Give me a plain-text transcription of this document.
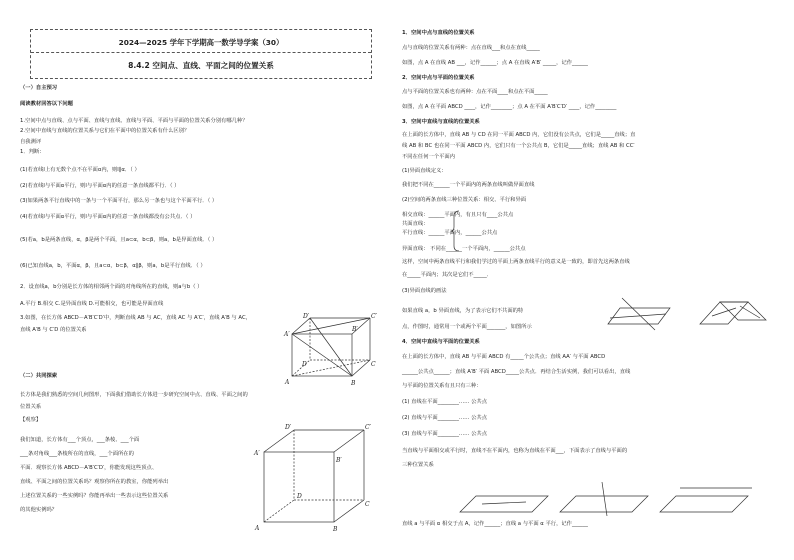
2024—2025 学年下学期高一数学导学案（30）
8.4.2 空间点、直线、平面之间的位置关系
（一）自主预习
阅读教材回答以下问题
1.空间中点与直线、点与平面、直线与直线、直线与平面、平面与平面的位置关系分别有哪几种？
2.空间中直线与直线的位置关系与它们在平面中的位置关系有什么区别？
自我测评
1．判断：
(1)若直线l上有无数个点不在平面α内，则l∥α．（ ）
(2)若直线l与平面α平行，则l与平面α内的任意一条直线都平行．（ ）
(3)如果两条平行直线中的一条与一个平面平行，那么另一条也与这个平面平行．（ ）
(4)若直线l与平面α平行，则l与平面α内的任意一条直线都没有公共点．（ ）
(5)若a，b是两条直线，α，β是两个平面，且a⊂α，b⊂β，则a，b是异面直线．（ ）
(6)已知直线a，b，平面α，β，且a⊂α，b⊂β，α∥β，则a，b是平行直线．（ ）
2．设直线a，b分别是长方体的相邻两个面的对角线所在的直线，则a与b（ ）
A.平行 B.相交 C.是异面直线 D.可能相交，也可能是异面直线
3.如图，在长方体 ABCD－A′B′C′D′中，判断直线 AB 与 AC，直线 AC 与 A′C′，直线 A′B 与 AC，
直线 A′B 与 C′D 的位置关系
（二）共同探索
长方体是我们熟悉的空间几何图形，下面我们借助长方体进一步研究空间中点、直线、平面之间的
位置关系
【观察】
我们知道，长方体有___个顶点，___条棱、___个面
___条对角线___条棱所在的直线，___个面所在的
平面．观察长方体 ABCD－A′B′C′D′，你能发现这些顶点、
直线、平面之间的位置关系吗？观察你所在的教室，你能列举出
上述位置关系的一些实例吗？你能再举出一些表示这些位置关系
的其他实例吗？
A′
B′
C′
D′
A	B
C
D
D′	C′
A′
B′
D
C
A	B
1．空间中点与直线的位置关系
点与直线的位置关系有两种：点在直线___和点在直线_____
如图，点 A 在直线 AB ___，记作______；点 A 在直线 A′B′ _____，记作______
2．空间中点与平面的位置关系
点与平面的位置关系也有两种：点在平面____和点在平面_____
如图，点 A 在平面 ABCD ____，记作________；点 A 在平面 A′B′C′D′ ____，记作________
3．空间中直线与直线的位置关系
在上面的长方体中，直线 AB 与 CD 在同一平面 ABCD 内，它们没有公共点，它们是_____直线；直
线 AB 和 BC 也在同一平面 ABCD 内，它们只有一个公共点 B，它们是_____直线；直线 AB 和 CC′
不同在任何一个平面内
(1)异面直线定义：
我们把不同在______一个平面内的两条直线叫做异面直线
(2)空间的两条直线三种位置关系：相交、平行和异面
相交直线：______平面内，有且只有____公共点
共面直线：
平行直线：______平面内，______公共点
异面直线： 不同在______一个平面内，______公共点
这样，空间中两条直线平行和我们学过的平面上两条直线平行的意义是一致的，即首先这两条直线
在_____平面内；其次是它们不_____．
(3)异面直线的画法
如果直线 a，b 异面直线，为了表示它们不共面的特
点，作图时，通常用一个或两个平面_______，如图所示
4．空间中直线与平面的位置关系
在上面的长方体中，直线 AB 与平面 ABCD 有_____个公共点；直线 AA′ 与平面 ABCD
______公共点______；直线 A′B′ 平面 ABCD_____公共点．再结合生活实例，我们可以看出，直线
与平面的位置关系有且只有三种：
(1) 直线在平面________…… 公共点
(2) 直线与平面________…… 公共点
(3) 直线与平面________…… 公共点
当直线与平面相交或平行时，直线不在平面内，也称为直线在平面___，下面表示了直线与平面的
三种位置关系
直线 a 与平面 α 相交于点 A，记作______；直线 a 与平面 α 平行，记作______
